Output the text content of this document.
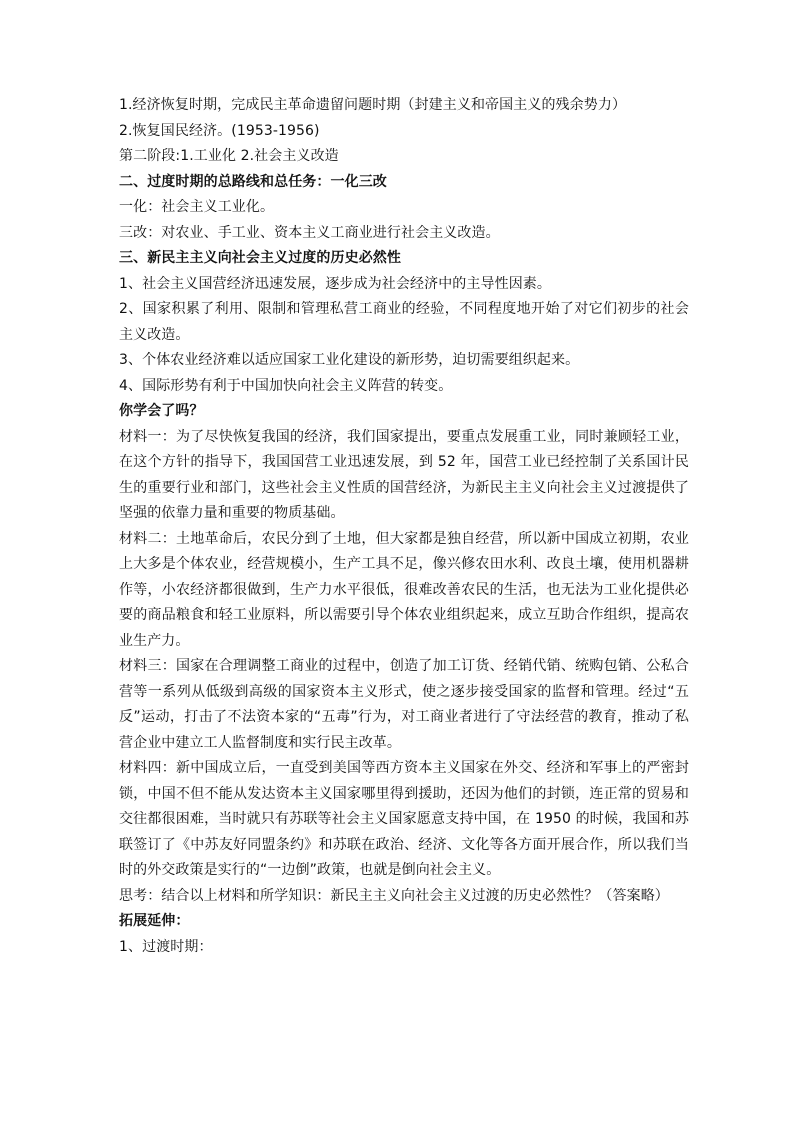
1.经济恢复时期，完成民主革命遗留问题时期（封建主义和帝国主义的残余势力）

2.恢复国民经济。(1953-1956)

第二阶段:1.工业化 2.社会主义改造

二、过度时期的总路线和总任务：一化三改

一化：社会主义工业化。

三改：对农业、手工业、资本主义工商业进行社会主义改造。

三、新民主主义向社会主义过度的历史必然性

1、社会主义国营经济迅速发展，逐步成为社会经济中的主导性因素。

2、国家积累了利用、限制和管理私营工商业的经验，不同程度地开始了对它们初步的社会主义改造。

3、个体农业经济难以适应国家工业化建设的新形势，迫切需要组织起来。

4、国际形势有利于中国加快向社会主义阵营的转变。

你学会了吗？

材料一：为了尽快恢复我国的经济，我们国家提出，要重点发展重工业，同时兼顾轻工业，在这个方针的指导下，我国国营工业迅速发展，到 52 年，国营工业已经控制了关系国计民生的重要行业和部门，这些社会主义性质的国营经济，为新民主主义向社会主义过渡提供了坚强的依靠力量和重要的物质基础。

材料二：土地革命后，农民分到了土地，但大家都是独自经营，所以新中国成立初期，农业上大多是个体农业，经营规模小，生产工具不足，像兴修农田水利、改良土壤，使用机器耕作等，小农经济都很做到，生产力水平很低，很难改善农民的生活，也无法为工业化提供必要的商品粮食和轻工业原料，所以需要引导个体农业组织起来，成立互助合作组织，提高农业生产力。

材料三：国家在合理调整工商业的过程中，创造了加工订货、经销代销、统购包销、公私合营等一系列从低级到高级的国家资本主义形式，使之逐步接受国家的监督和管理。经过“五反”运动，打击了不法资本家的“五毒”行为，对工商业者进行了守法经营的教育，推动了私营企业中建立工人监督制度和实行民主改革。

材料四：新中国成立后，一直受到美国等西方资本主义国家在外交、经济和军事上的严密封锁，中国不但不能从发达资本主义国家哪里得到援助，还因为他们的封锁，连正常的贸易和交往都很困难，当时就只有苏联等社会主义国家愿意支持中国，在 1950 的时候，我国和苏联签订了《中苏友好同盟条约》和苏联在政治、经济、文化等各方面开展合作，所以我们当时的外交政策是实行的“一边倒”政策，也就是倒向社会主义。

思考：结合以上材料和所学知识：新民主主义向社会主义过渡的历史必然性？（答案略）

拓展延伸：

1、过渡时期：
